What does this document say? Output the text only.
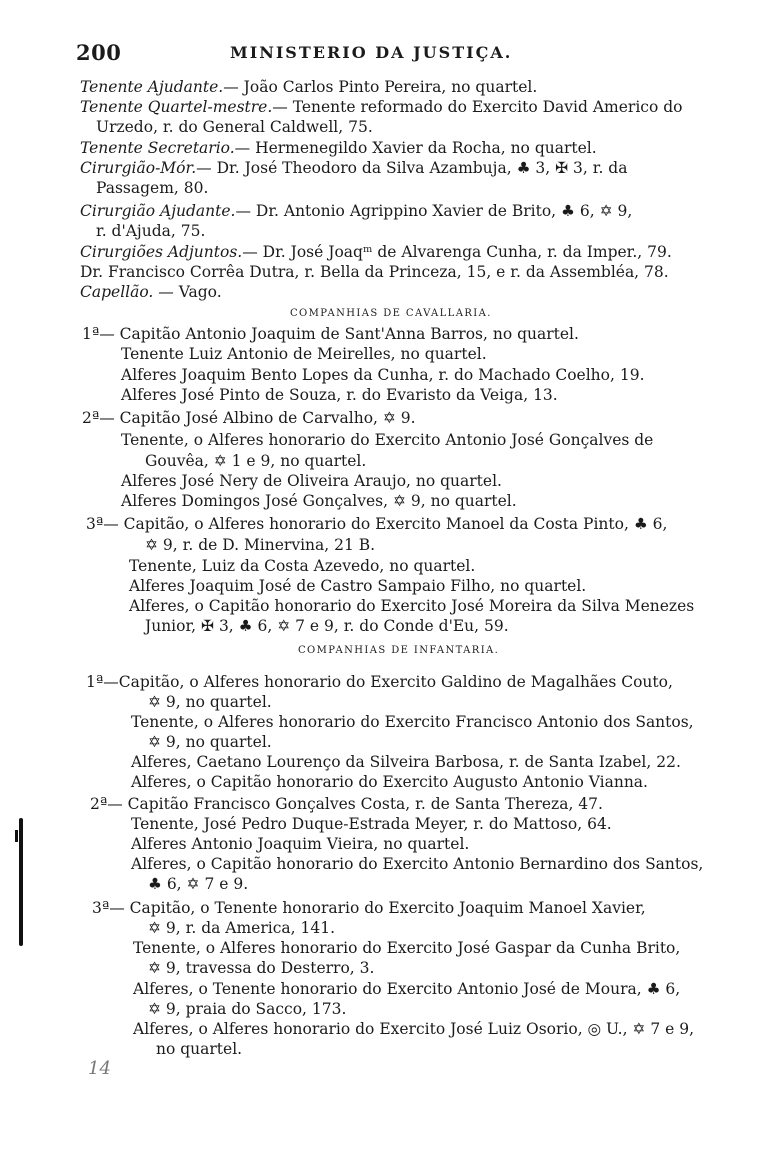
200	MINISTERIO DA JUSTIÇA.
Tenente Ajudante.— João Carlos Pinto Pereira, no quartel.
Tenente Quartel-mestre.— Tenente reformado do Exercito David Americo do
Urzedo, r. do General Caldwell, 75.
Tenente Secretario.— Hermenegildo Xavier da Rocha, no quartel.
Cirurgião-Mór.— Dr. José Theodoro da Silva Azambuja, ♣ 3, ✠ 3, r. da
Passagem, 80.
Cirurgião Ajudante.— Dr. Antonio Agrippino Xavier de Brito, ♣ 6, ✡ 9,
r. d'Ajuda, 75.
Cirurgiões Adjuntos.— Dr. José Joaqᵐ de Alvarenga Cunha, r. da Imper., 79.
Dr. Francisco Corrêa Dutra, r. Bella da Princeza, 15, e r. da Assembléa, 78.
Capellão. — Vago.
COMPANHIAS DE CAVALLARIA.
1ª— Capitão Antonio Joaquim de Sant'Anna Barros, no quartel.
Tenente Luiz Antonio de Meirelles, no quartel.
Alferes Joaquim Bento Lopes da Cunha, r. do Machado Coelho, 19.
Alferes José Pinto de Souza, r. do Evaristo da Veiga, 13.
2ª— Capitão José Albino de Carvalho, ✡ 9.
Tenente, o Alferes honorario do Exercito Antonio José Gonçalves de
Gouvêa, ✡ 1 e 9, no quartel.
Alferes José Nery de Oliveira Araujo, no quartel.
Alferes Domingos José Gonçalves, ✡ 9, no quartel.
3ª— Capitão, o Alferes honorario do Exercito Manoel da Costa Pinto, ♣ 6,
✡ 9, r. de D. Minervina, 21 B.
Tenente, Luiz da Costa Azevedo, no quartel.
Alferes Joaquim José de Castro Sampaio Filho, no quartel.
Alferes, o Capitão honorario do Exercito José Moreira da Silva Menezes
Junior, ✠ 3, ♣ 6, ✡ 7 e 9, r. do Conde d'Eu, 59.
COMPANHIAS DE INFANTARIA.
1ª—Capitão, o Alferes honorario do Exercito Galdino de Magalhães Couto,
✡ 9, no quartel.
Tenente, o Alferes honorario do Exercito Francisco Antonio dos Santos,
✡ 9, no quartel.
Alferes, Caetano Lourenço da Silveira Barbosa, r. de Santa Izabel, 22.
Alferes, o Capitão honorario do Exercito Augusto Antonio Vianna.
2ª— Capitão Francisco Gonçalves Costa, r. de Santa Thereza, 47.
Tenente, José Pedro Duque-Estrada Meyer, r. do Mattoso, 64.
Alferes Antonio Joaquim Vieira, no quartel.
Alferes, o Capitão honorario do Exercito Antonio Bernardino dos Santos,
♣ 6, ✡ 7 e 9.
3ª— Capitão, o Tenente honorario do Exercito Joaquim Manoel Xavier,
✡ 9, r. da America, 141.
Tenente, o Alferes honorario do Exercito José Gaspar da Cunha Brito,
✡ 9, travessa do Desterro, 3.
Alferes, o Tenente honorario do Exercito Antonio José de Moura, ♣ 6,
✡ 9, praia do Sacco, 173.
Alferes, o Alferes honorario do Exercito José Luiz Osorio, ◎ U., ✡ 7 e 9,
no quartel.
14
